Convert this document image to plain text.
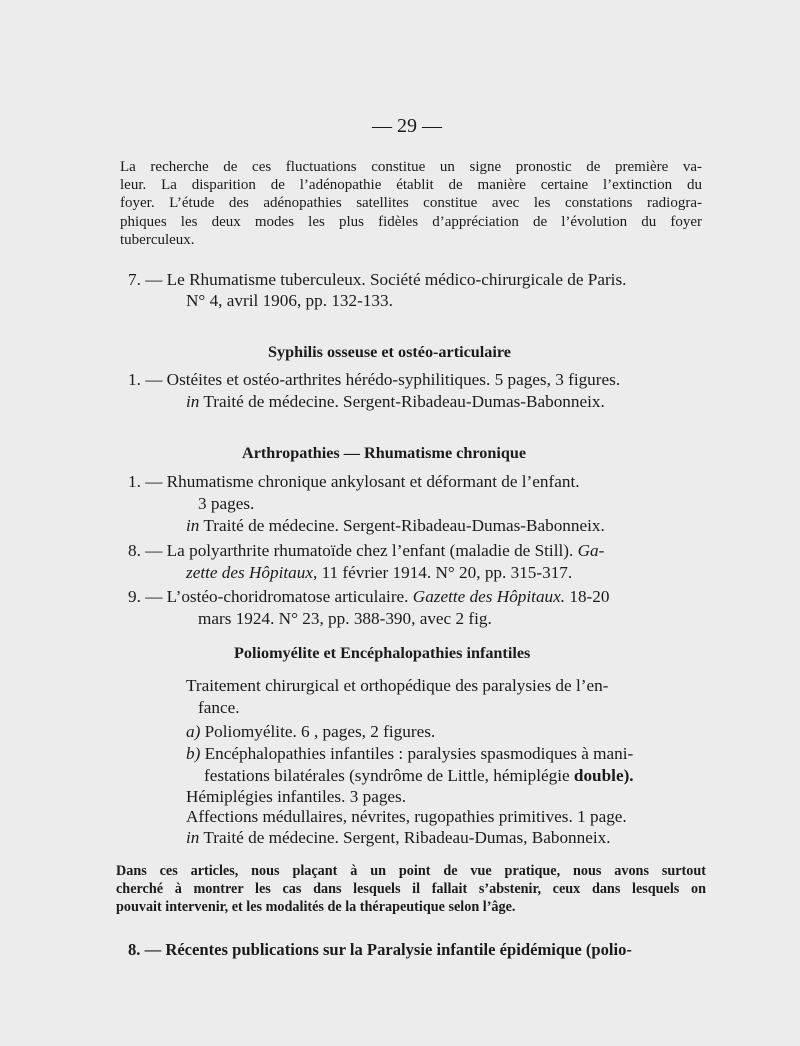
— 29 —
La recherche de ces fluctuations constitue un signe pronostic de première va-
leur. La disparition de l’adénopathie établit de manière certaine l’extinction du
foyer. L’étude des adénopathies satellites constitue avec les constations radiogra-
phiques les deux modes les plus fidèles d’appréciation de l’évolution du foyer
tuberculeux.
7. — Le Rhumatisme tuberculeux. Société médico-chirurgicale de Paris.
N° 4, avril 1906, pp. 132-133.
Syphilis osseuse et ostéo-articulaire
1. — Ostéites et ostéo-arthrites hérédo-syphilitiques. 5 pages, 3 figures.
in Traité de médecine. Sergent-Ribadeau-Dumas-Babonneix.
Arthropathies — Rhumatisme chronique
1. — Rhumatisme chronique ankylosant et déformant de l’enfant.
3 pages.
in Traité de médecine. Sergent-Ribadeau-Dumas-Babonneix.
8. — La polyarthrite rhumatoïde chez l’enfant (maladie de Still). Ga-
zette des Hôpitaux, 11 février 1914. N° 20, pp. 315-317.
9. — L’ostéo-choridromatose articulaire. Gazette des Hôpitaux. 18-20
mars 1924. N° 23, pp. 388-390, avec 2 fig.
Poliomyélite et Encéphalopathies infantiles
Traitement chirurgical et orthopédique des paralysies de l’en-
fance.
a) Poliomyélite. 6 , pages, 2 figures.
b) Encéphalopathies infantiles : paralysies spasmodiques à mani-
festations bilatérales (syndrôme de Little, hémiplégie double).
Hémiplégies infantiles. 3 pages.
Affections médullaires, névrites, rugopathies primitives. 1 page.
in Traité de médecine. Sergent, Ribadeau-Dumas, Babonneix.
Dans ces articles, nous plaçant à un point de vue pratique, nous avons surtout
cherché à montrer les cas dans lesquels il fallait s’abstenir, ceux dans lesquels on
pouvait intervenir, et les modalités de la thérapeutique selon l’âge.
8. — Récentes publications sur la Paralysie infantile épidémique (polio-
